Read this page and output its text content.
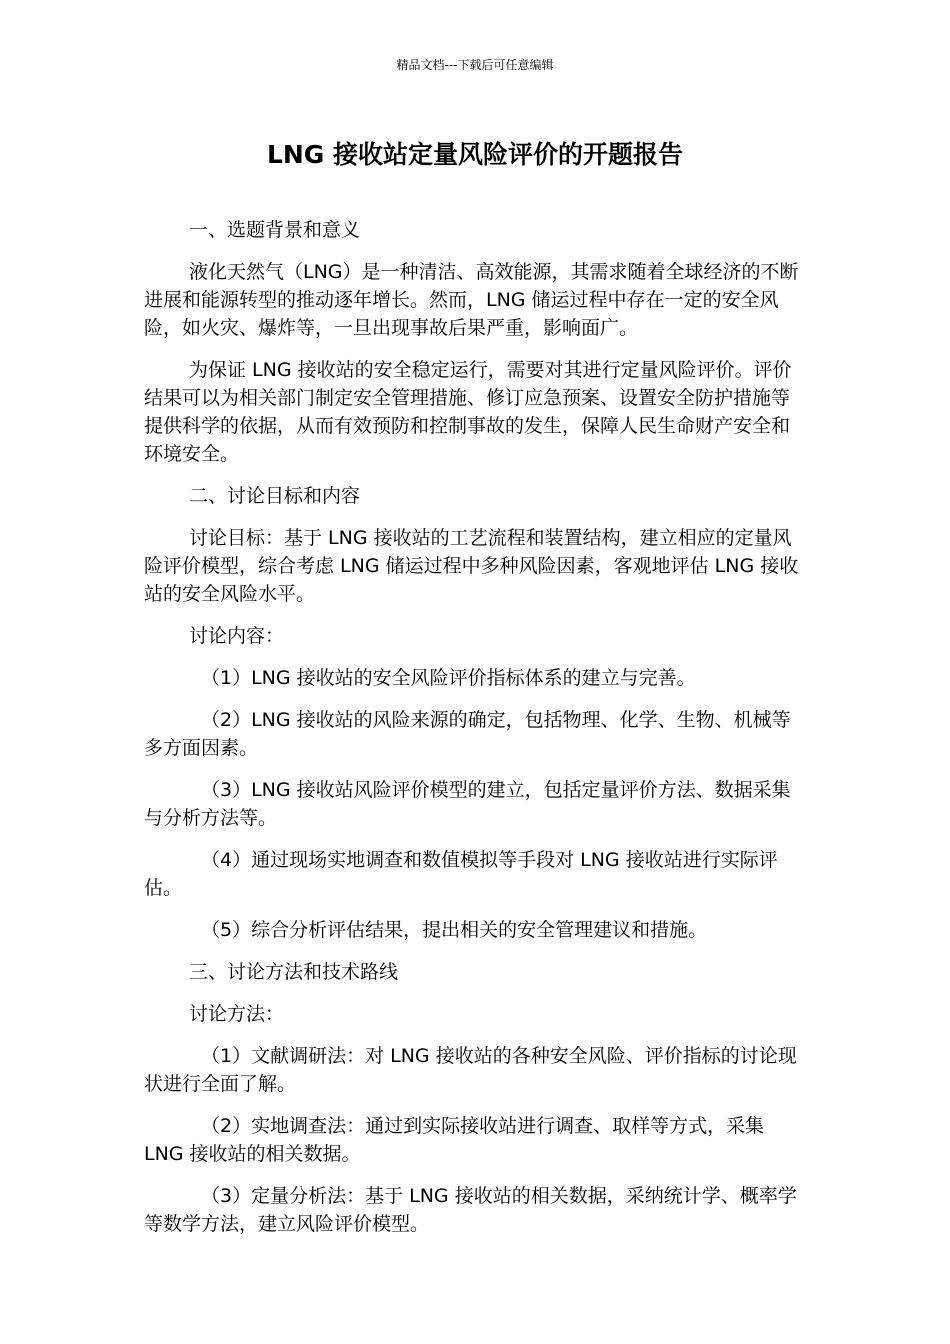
精品文档---下载后可任意编辑
LNG 接收站定量风险评价的开题报告

一、选题背景和意义

液化天然气（LNG）是一种清洁、高效能源，其需求随着全球经济的不断进展和能源转型的推动逐年增长。然而，LNG 储运过程中存在一定的安全风险，如火灾、爆炸等，一旦出现事故后果严重，影响面广。

为保证 LNG 接收站的安全稳定运行，需要对其进行定量风险评价。评价结果可以为相关部门制定安全管理措施、修订应急预案、设置安全防护措施等提供科学的依据，从而有效预防和控制事故的发生，保障人民生命财产安全和环境安全。

二、讨论目标和内容

讨论目标：基于 LNG 接收站的工艺流程和装置结构，建立相应的定量风险评价模型，综合考虑 LNG 储运过程中多种风险因素，客观地评估 LNG 接收站的安全风险水平。

讨论内容：

（1）LNG 接收站的安全风险评价指标体系的建立与完善。

（2）LNG 接收站的风险来源的确定，包括物理、化学、生物、机械等多方面因素。

（3）LNG 接收站风险评价模型的建立，包括定量评价方法、数据采集与分析方法等。

（4）通过现场实地调查和数值模拟等手段对 LNG 接收站进行实际评估。

（5）综合分析评估结果，提出相关的安全管理建议和措施。

三、讨论方法和技术路线

讨论方法：

（1）文献调研法：对 LNG 接收站的各种安全风险、评价指标的讨论现状进行全面了解。

（2）实地调查法：通过到实际接收站进行调查、取样等方式，采集 LNG 接收站的相关数据。

（3）定量分析法：基于 LNG 接收站的相关数据，采纳统计学、概率学等数学方法，建立风险评价模型。
